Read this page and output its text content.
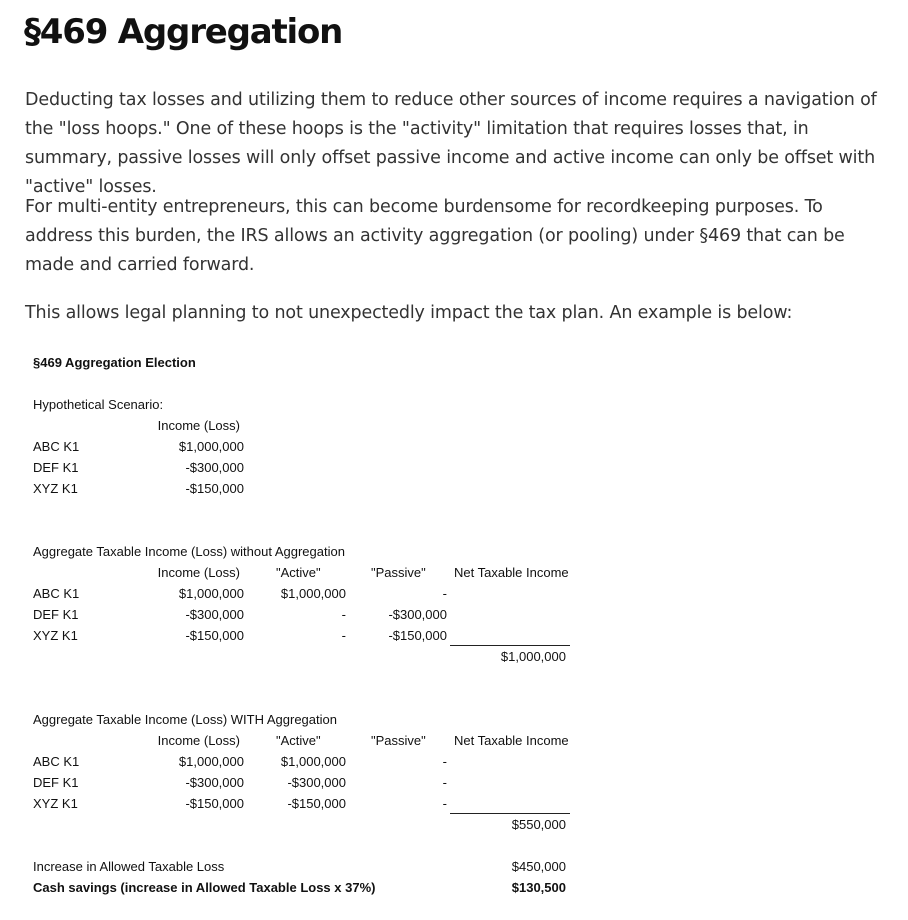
§469 Aggregation

Deducting tax losses and utilizing them to reduce other sources of income requires a navigation of the "loss hoops." One of these hoops is the "activity" limitation that requires losses that, in summary, passive losses will only offset passive income and active income can only be offset with "active" losses.

For multi-entity entrepreneurs, this can become burdensome for recordkeeping purposes. To address this burden, the IRS allows an activity aggregation (or pooling) under §469 that can be made and carried forward.

This allows legal planning to not unexpectedly impact the tax plan. An example is below:

§469 Aggregation Election
Hypothetical Scenario:
Income (Loss)
ABC K1	$1,000,000
DEF K1	-$300,000
XYZ K1	-$150,000
Aggregate Taxable Income (Loss) without Aggregation
Income (Loss)	"Active"	"Passive" Net Taxable Income
ABC K1	$1,000,000	$1,000,000	-
DEF K1	-$300,000	-	-$300,000
XYZ K1	-$150,000	-	-$150,000
$1,000,000
Aggregate Taxable Income (Loss) WITH Aggregation
Income (Loss)	"Active"	"Passive" Net Taxable Income
ABC K1	$1,000,000	$1,000,000	-
DEF K1	-$300,000	-$300,000	-
XYZ K1	-$150,000	-$150,000	-
$550,000
Increase in Allowed Taxable Loss	$450,000
Cash savings (increase in Allowed Taxable Loss x 37%)	$130,500
